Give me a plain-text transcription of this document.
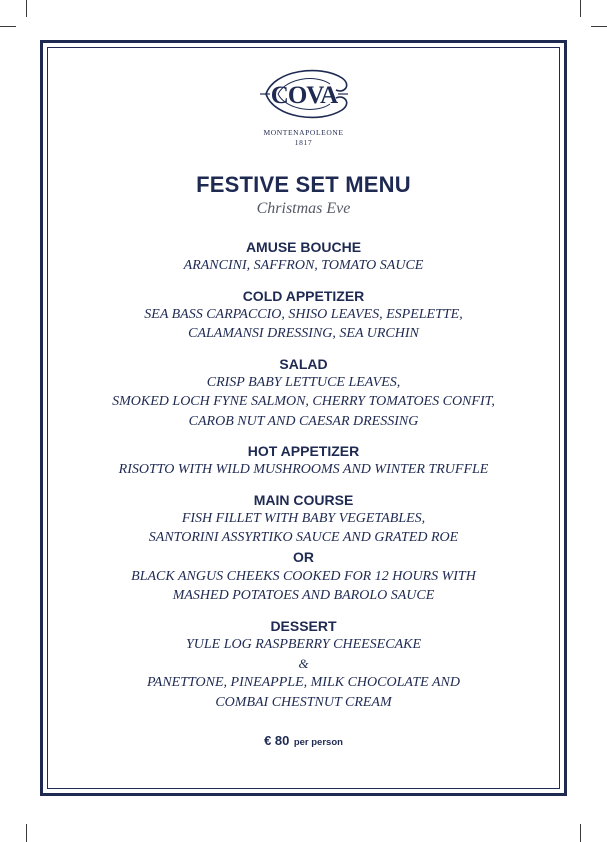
COVA
MONTENAPOLEONE
1817
FESTIVE SET MENU
Christmas Eve
AMUSE BOUCHE
ARANCINI, SAFFRON, TOMATO SAUCE
COLD APPETIZER
SEA BASS CARPACCIO, SHISO LEAVES, ESPELETTE,
CALAMANSI DRESSING, SEA URCHIN
SALAD
CRISP BABY LETTUCE LEAVES,
SMOKED LOCH FYNE SALMON, CHERRY TOMATOES CONFIT,
CAROB NUT AND CAESAR DRESSING
HOT APPETIZER
RISOTTO WITH WILD MUSHROOMS AND WINTER TRUFFLE
MAIN COURSE
FISH FILLET WITH BABY VEGETABLES,
SANTORINI ASSYRTIKO SAUCE AND GRATED ROE
OR
BLACK ANGUS CHEEKS COOKED FOR 12 HOURS WITH
MASHED POTATOES AND BAROLO SAUCE
DESSERT
YULE LOG RASPBERRY CHEESECAKE
&
PANETTONE, PINEAPPLE, MILK CHOCOLATE AND
COMBAI CHESTNUT CREAM
€ 80 per person
